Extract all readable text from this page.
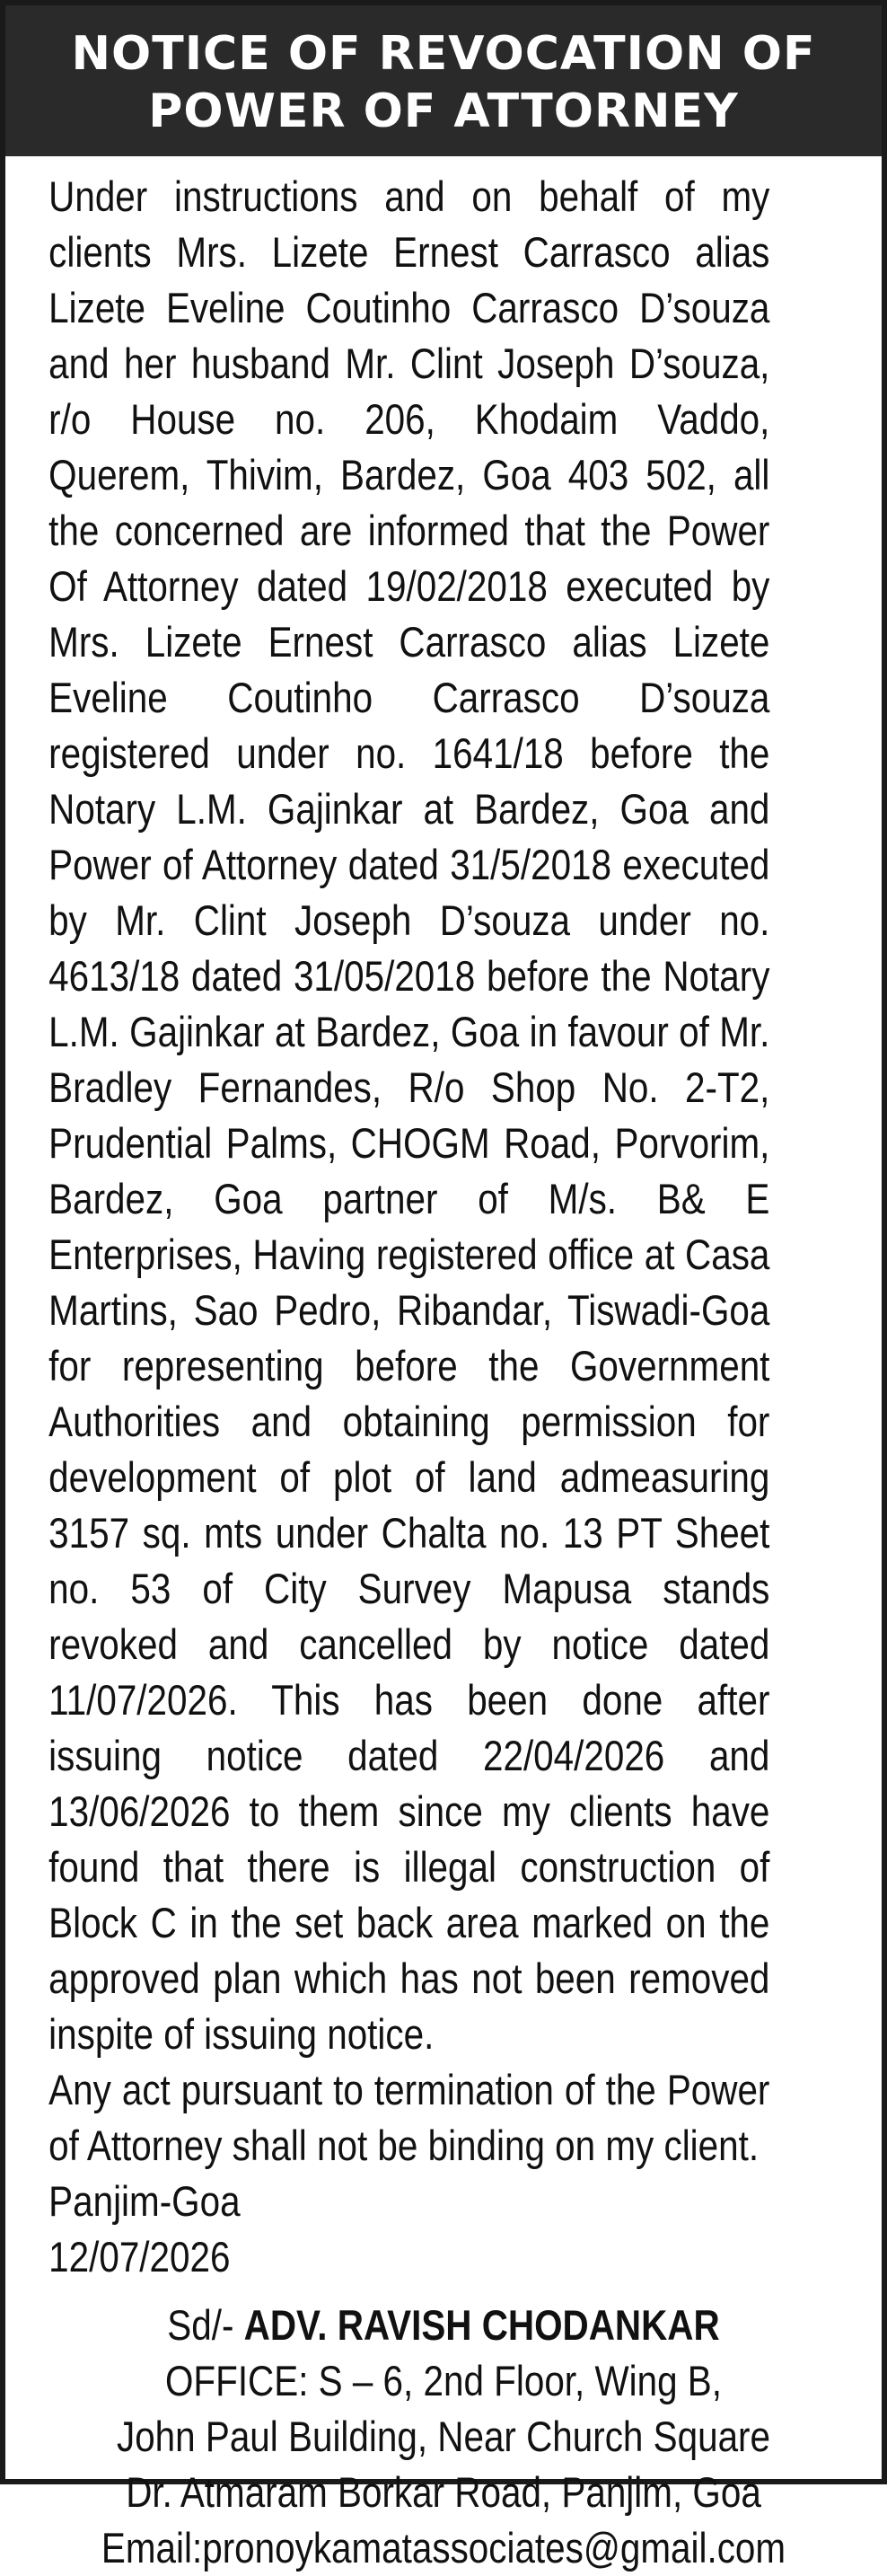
NOTICE OF REVOCATION OF
POWER OF ATTORNEY

Under instructions and on behalf of my clients Mrs. Lizete Ernest Carrasco alias Lizete Eveline Coutinho Carrasco D’souza and her husband Mr. Clint Joseph D’souza, r/o House no. 206, Khodaim Vaddo, Querem, Thivim, Bardez, Goa 403 502, all the concerned are informed that the Power Of Attorney dated 19/02/2018 executed by Mrs. Lizete Ernest Carrasco alias Lizete Eveline Coutinho Carrasco D’souza registered under no. 1641/18 before the Notary L.M. Gajinkar at Bardez, Goa and Power of Attorney dated 31/5/2018 executed by Mr. Clint Joseph D’souza under no. 4613/18 dated 31/05/2018 before the Notary L.M. Gajinkar at Bardez, Goa in favour of Mr. Bradley Fernandes, R/o Shop No. 2-T2, Prudential Palms, CHOGM Road, Porvorim, Bardez, Goa partner of M/s. B& E Enterprises, Having registered office at Casa Martins, Sao Pedro, Ribandar, Tiswadi-Goa for representing before the Government Authorities and obtaining permission for development of plot of land admeasuring 3157 sq. mts under Chalta no. 13 PT Sheet no. 53 of City Survey Mapusa stands revoked and cancelled by notice dated 11/07/2026. This has been done after issuing notice dated 22/04/2026 and 13/06/2026 to them since my clients have found that there is illegal construction of Block C in the set back area marked on the approved plan which has not been removed inspite of issuing notice.

Any act pursuant to termination of the Power of Attorney shall not be binding on my client.

Panjim-Goa
12/07/2026
Sd/- ADV. RAVISH CHODANKAR
OFFICE: S – 6, 2nd Floor, Wing B,
John Paul Building, Near Church Square
Dr. Atmaram Borkar Road, Panjim, Goa
Email:pronoykamatassociates@gmail.com
